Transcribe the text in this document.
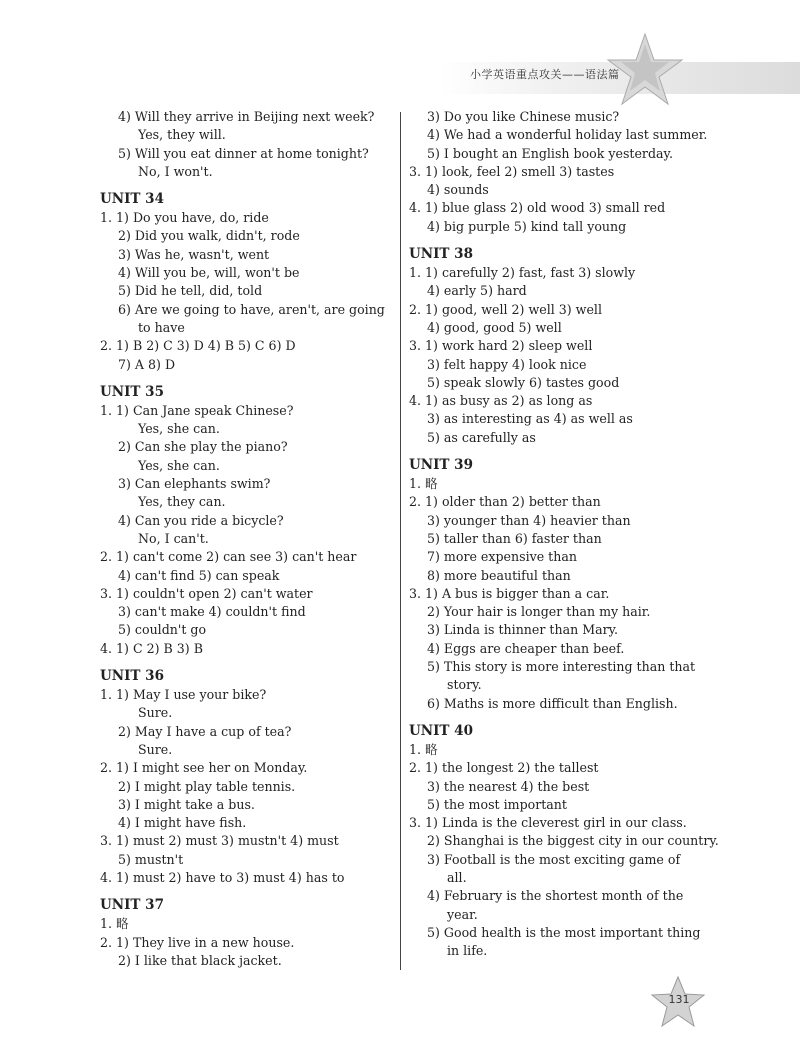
小学英语重点攻关——语法篇
4) Will they arrive in Beijing next week?
Yes, they will.
5) Will you eat dinner at home tonight?
No, I won't.
UNIT 34
1. 1) Do you have, do, ride
2) Did you walk, didn't, rode
3) Was he, wasn't, went
4) Will you be, will, won't be
5) Did he tell, did, told
6) Are we going to have, aren't, are going
to have
2. 1) B 2) C 3) D 4) B 5) C 6) D
7) A 8) D
UNIT 35
1. 1) Can Jane speak Chinese?
Yes, she can.
2) Can she play the piano?
Yes, she can.
3) Can elephants swim?
Yes, they can.
4) Can you ride a bicycle?
No, I can't.
2. 1) can't come 2) can see 3) can't hear
4) can't find 5) can speak
3. 1) couldn't open 2) can't water
3) can't make 4) couldn't find
5) couldn't go
4. 1) C 2) B 3) B
UNIT 36
1. 1) May I use your bike?
Sure.
2) May I have a cup of tea?
Sure.
2. 1) I might see her on Monday.
2) I might play table tennis.
3) I might take a bus.
4) I might have fish.
3. 1) must 2) must 3) mustn't 4) must
5) mustn't
4. 1) must 2) have to 3) must 4) has to
UNIT 37
1. 略
2. 1) They live in a new house.
2) I like that black jacket.
3) Do you like Chinese music?
4) We had a wonderful holiday last summer.
5) I bought an English book yesterday.
3. 1) look, feel 2) smell 3) tastes
4) sounds
4. 1) blue glass 2) old wood 3) small red
4) big purple 5) kind tall young
UNIT 38
1. 1) carefully 2) fast, fast 3) slowly
4) early 5) hard
2. 1) good, well 2) well 3) well
4) good, good 5) well
3. 1) work hard 2) sleep well
3) felt happy 4) look nice
5) speak slowly 6) tastes good
4. 1) as busy as 2) as long as
3) as interesting as 4) as well as
5) as carefully as
UNIT 39
1. 略
2. 1) older than 2) better than
3) younger than 4) heavier than
5) taller than 6) faster than
7) more expensive than
8) more beautiful than
3. 1) A bus is bigger than a car.
2) Your hair is longer than my hair.
3) Linda is thinner than Mary.
4) Eggs are cheaper than beef.
5) This story is more interesting than that
story.
6) Maths is more difficult than English.
UNIT 40
1. 略
2. 1) the longest 2) the tallest
3) the nearest 4) the best
5) the most important
3. 1) Linda is the cleverest girl in our class.
2) Shanghai is the biggest city in our country.
3) Football is the most exciting game of
all.
4) February is the shortest month of the
year.
5) Good health is the most important thing
in life.
131
